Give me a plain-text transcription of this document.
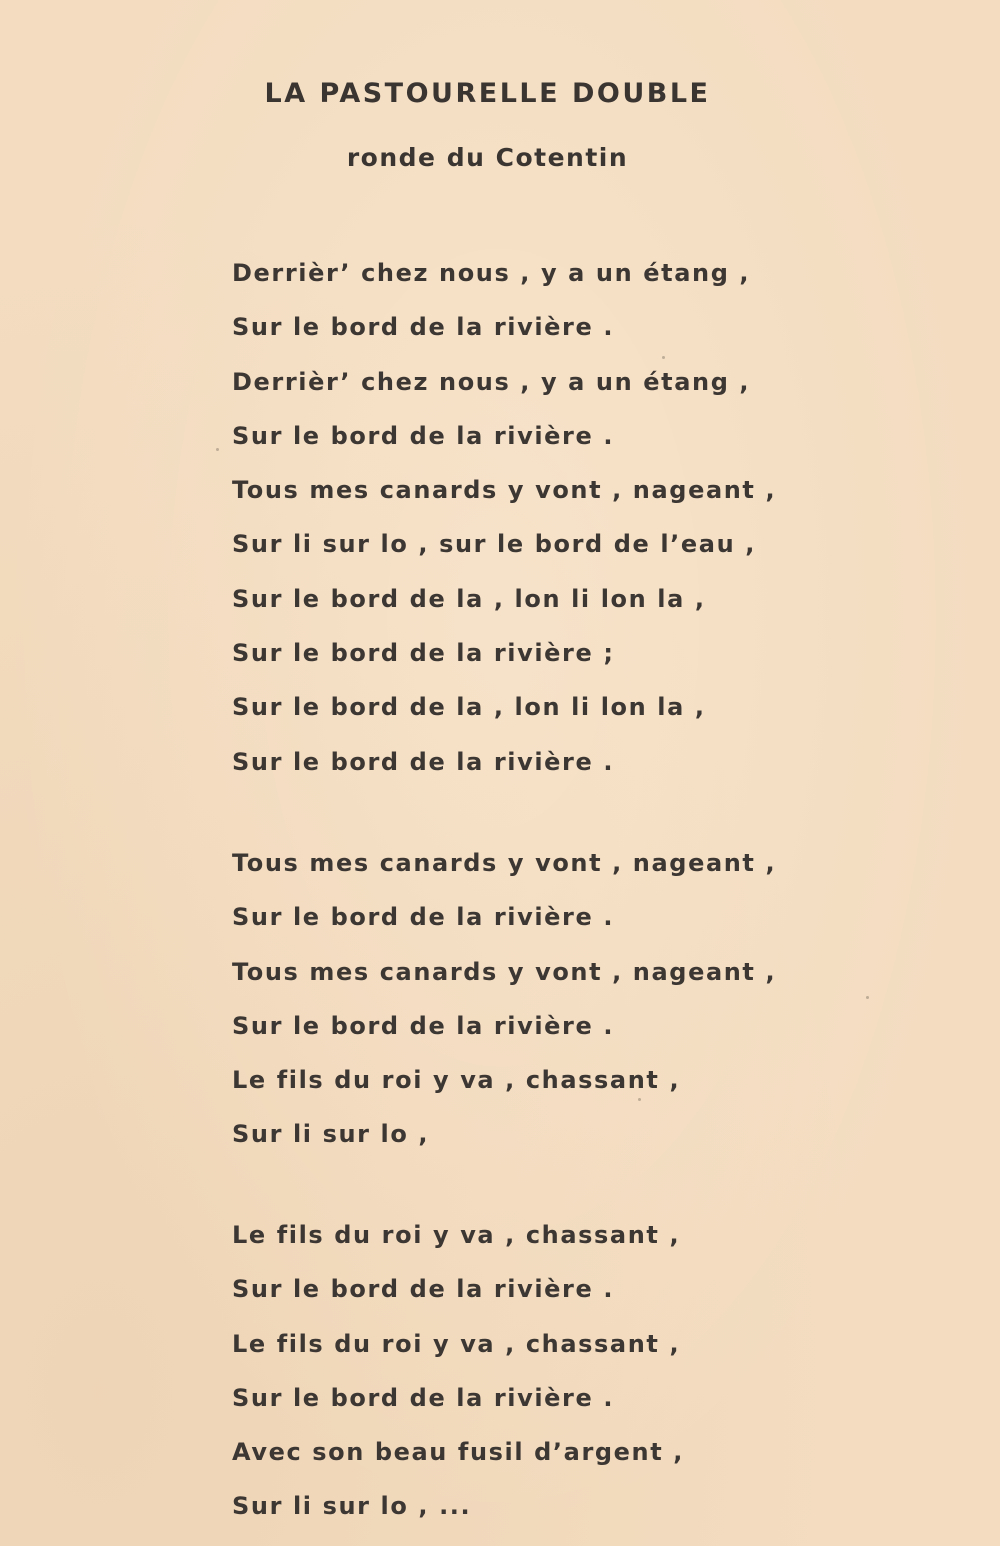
LA PASTOURELLE DOUBLE
ronde du Cotentin
Derrièr’ chez nous , y a un étang ,
Sur le bord de la rivière .
Derrièr’ chez nous , y a un étang ,
Sur le bord de la rivière .
Tous mes canards y vont , nageant ,
Sur li sur lo , sur le bord de l’eau ,
Sur le bord de la , lon li lon la ,
Sur le bord de la rivière ;
Sur le bord de la , lon li lon la ,
Sur le bord de la rivière .
Tous mes canards y vont , nageant ,
Sur le bord de la rivière .
Tous mes canards y vont , nageant ,
Sur le bord de la rivière .
Le fils du roi y va , chassant ,
Sur li sur lo ,
Le fils du roi y va , chassant ,
Sur le bord de la rivière .
Le fils du roi y va , chassant ,
Sur le bord de la rivière .
Avec son beau fusil d’argent ,
Sur li sur lo , ...
